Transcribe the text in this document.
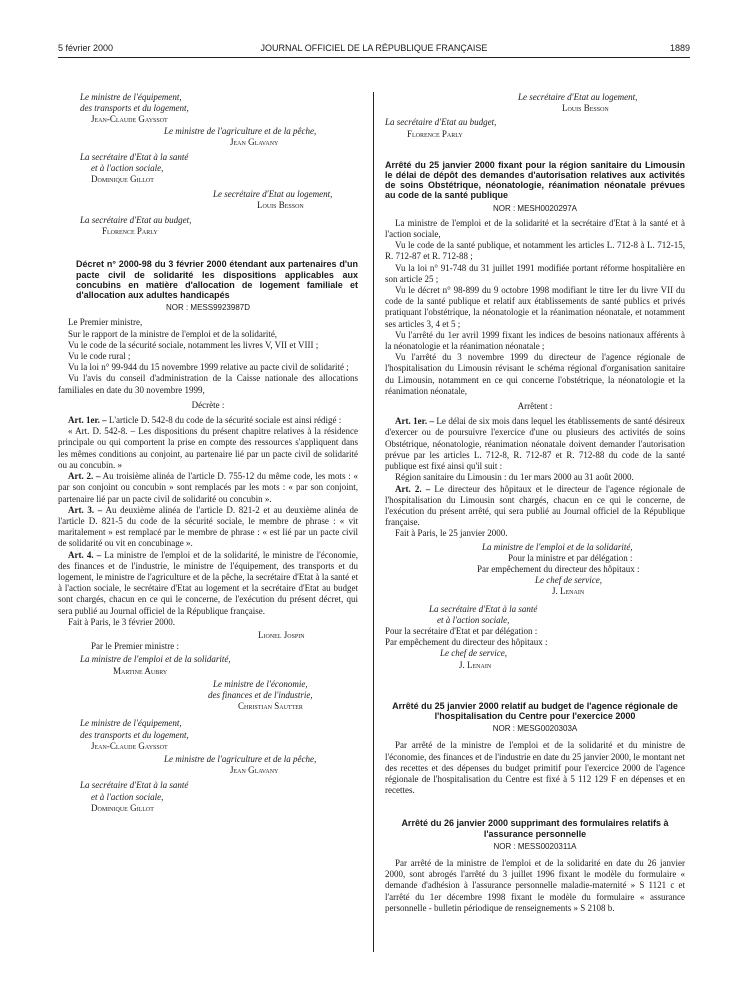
5 février 2000	JOURNAL OFFICIEL DE LA RÉPUBLIQUE FRANÇAISE	1889

Le ministre de l'équipement,

des transports et du logement,

Jean-Claude Gayssot

Le ministre de l'agriculture et de la pêche,

Jean Glavany

La secrétaire d'Etat à la santé

et à l'action sociale,

Dominique Gillot

Le secrétaire d'Etat au logement,

Louis Besson

La secrétaire d'Etat au budget,

Florence Parly

Décret n° 2000-98 du 3 février 2000 étendant aux partenaires d'un pacte civil de solidarité les dispositions applicables aux concubins en matière d'allocation de logement familiale et d'allocation aux adultes handicapés

NOR : MESS9923987D

Le Premier ministre,

Sur le rapport de la ministre de l'emploi et de la solidarité,

Vu le code de la sécurité sociale, notamment les livres V, VII et VIII ;

Vu le code rural ;

Vu la loi n° 99-944 du 15 novembre 1999 relative au pacte civil de solidarité ;

Vu l'avis du conseil d'administration de la Caisse nationale des allocations familiales en date du 30 novembre 1999,

Décrète :

Art. 1er. – L'article D. 542-8 du code de la sécurité sociale est ainsi rédigé :

« Art. D. 542-8. – Les dispositions du présent chapitre relatives à la résidence principale ou qui comportent la prise en compte des ressources s'appliquent dans les mêmes conditions au conjoint, au partenaire lié par un pacte civil de solidarité ou au concubin. »

Art. 2. – Au troisième alinéa de l'article D. 755-12 du même code, les mots : « par son conjoint ou concubin » sont remplacés par les mots : « par son conjoint, partenaire lié par un pacte civil de solidarité ou concubin ».

Art. 3. – Au deuxième alinéa de l'article D. 821-2 et au deuxième alinéa de l'article D. 821-5 du code de la sécurité sociale, le membre de phrase : « vit maritalement » est remplacé par le membre de phrase : « est lié par un pacte civil de solidarité ou vit en concubinage ».

Art. 4. – La ministre de l'emploi et de la solidarité, le ministre de l'économie, des finances et de l'industrie, le ministre de l'équipement, des transports et du logement, le ministre de l'agriculture et de la pêche, la secrétaire d'Etat à la santé et à l'action sociale, le secrétaire d'Etat au logement et la secrétaire d'Etat au budget sont chargés, chacun en ce qui le concerne, de l'exécution du présent décret, qui sera publié au Journal officiel de la République française.

Fait à Paris, le 3 février 2000.

Lionel Jospin

Par le Premier ministre :

La ministre de l'emploi et de la solidarité,

Martine Aubry

Le ministre de l'économie,

des finances et de l'industrie,

Christian Sautter

Le ministre de l'équipement,

des transports et du logement,

Jean-Claude Gayssot

Le ministre de l'agriculture et de la pêche,

Jean Glavany

La secrétaire d'Etat à la santé

et à l'action sociale,

Dominique Gillot

Le secrétaire d'Etat au logement,

Louis Besson

La secrétaire d'Etat au budget,

Florence Parly

Arrêté du 25 janvier 2000 fixant pour la région sanitaire du Limousin le délai de dépôt des demandes d'autorisation relatives aux activités de soins Obstétrique, néonatologie, réanimation néonatale prévues au code de la santé publique

NOR : MESH0020297A

La ministre de l'emploi et de la solidarité et la secrétaire d'Etat à la santé et à l'action sociale,

Vu le code de la santé publique, et notamment les articles L. 712-8 à L. 712-15, R. 712-87 et R. 712-88 ;

Vu la loi n° 91-748 du 31 juillet 1991 modifiée portant réforme hospitalière en son article 25 ;

Vu le décret n° 98-899 du 9 octobre 1998 modifiant le titre Ier du livre VII du code de la santé publique et relatif aux établissements de santé publics et privés pratiquant l'obstétrique, la néonatologie et la réanimation néonatale, et notamment ses articles 3, 4 et 5 ;

Vu l'arrêté du 1er avril 1999 fixant les indices de besoins nationaux afférents à la néonatologie et la réanimation néonatale ;

Vu l'arrêté du 3 novembre 1999 du directeur de l'agence régionale de l'hospitalisation du Limousin révisant le schéma régional d'organisation sanitaire du Limousin, notamment en ce qui concerne l'obstétrique, la néonatologie et la réanimation néonatale,

Arrêtent :

Art. 1er. – Le délai de six mois dans lequel les établissements de santé désireux d'exercer ou de poursuivre l'exercice d'une ou plusieurs des activités de soins Obstétrique, néonatologie, réanimation néonatale doivent demander l'autorisation prévue par les articles L. 712-8, R. 712-87 et R. 712-88 du code de la santé publique est fixé ainsi qu'il suit :

Région sanitaire du Limousin : du 1er mars 2000 au 31 août 2000.

Art. 2. – Le directeur des hôpitaux et le directeur de l'agence régionale de l'hospitalisation du Limousin sont chargés, chacun en ce qui le concerne, de l'exécution du présent arrêté, qui sera publié au Journal officiel de la République française.

Fait à Paris, le 25 janvier 2000.

La ministre de l'emploi et de la solidarité,

Pour la ministre et par délégation :

Par empêchement du directeur des hôpitaux :

Le chef de service,

J. Lenain

La secrétaire d'Etat à la santé

et à l'action sociale,

Pour la secrétaire d'Etat et par délégation :

Par empêchement du directeur des hôpitaux :

Le chef de service,

J. Lenain

Arrêté du 25 janvier 2000 relatif au budget de l'agence régionale de l'hospitalisation du Centre pour l'exercice 2000

NOR : MESG0020303A

Par arrêté de la ministre de l'emploi et de la solidarité et du ministre de l'économie, des finances et de l'industrie en date du 25 janvier 2000, le montant net des recettes et des dépenses du budget primitif pour l'exercice 2000 de l'agence régionale de l'hospitalisation du Centre est fixé à 5 112 129 F en dépenses et en recettes.

Arrêté du 26 janvier 2000 supprimant des formulaires relatifs à l'assurance personnelle

NOR : MESS0020311A

Par arrêté de la ministre de l'emploi et de la solidarité en date du 26 janvier 2000, sont abrogés l'arrêté du 3 juillet 1996 fixant le modèle du formulaire « demande d'adhésion à l'assurance personnelle maladie-maternité » S 1121 c et l'arrêté du 1er décembre 1998 fixant le modèle du formulaire « assurance personnelle - bulletin périodique de renseignements » S 2108 b.
